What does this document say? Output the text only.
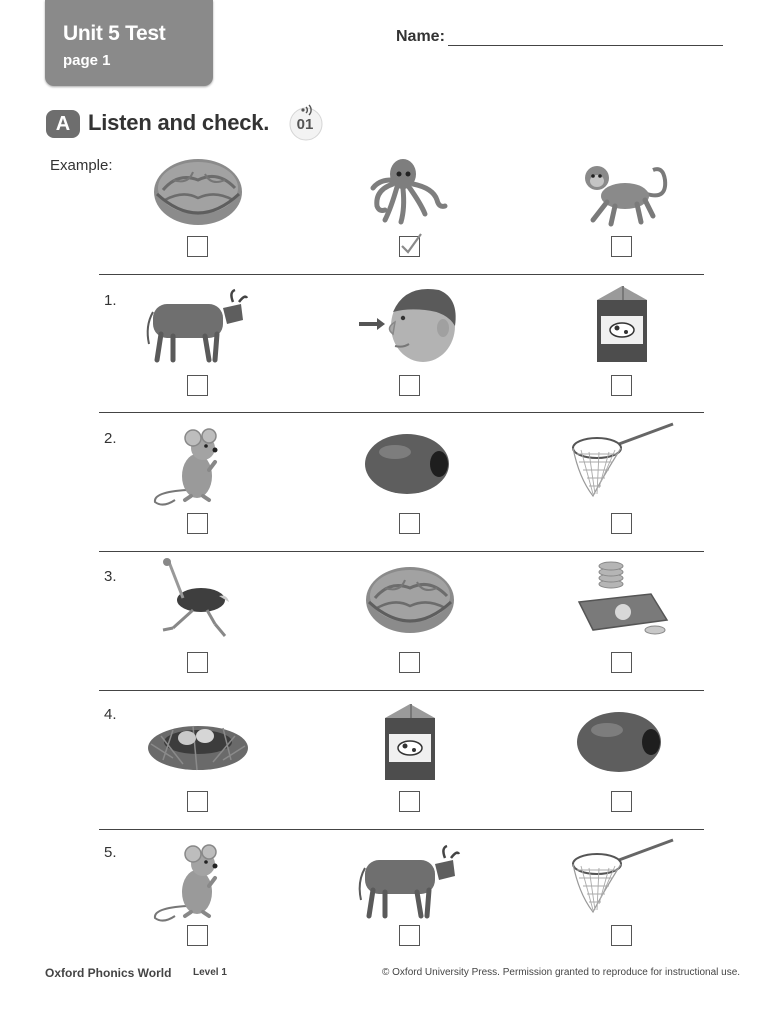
Unit 5 Test
page 1
Name:
A Listen and check.	01
Example:
1.
2.
3.
4.
5.
Oxford Phonics World Level 1	© Oxford University Press. Permission granted to reproduce for instructional use.
